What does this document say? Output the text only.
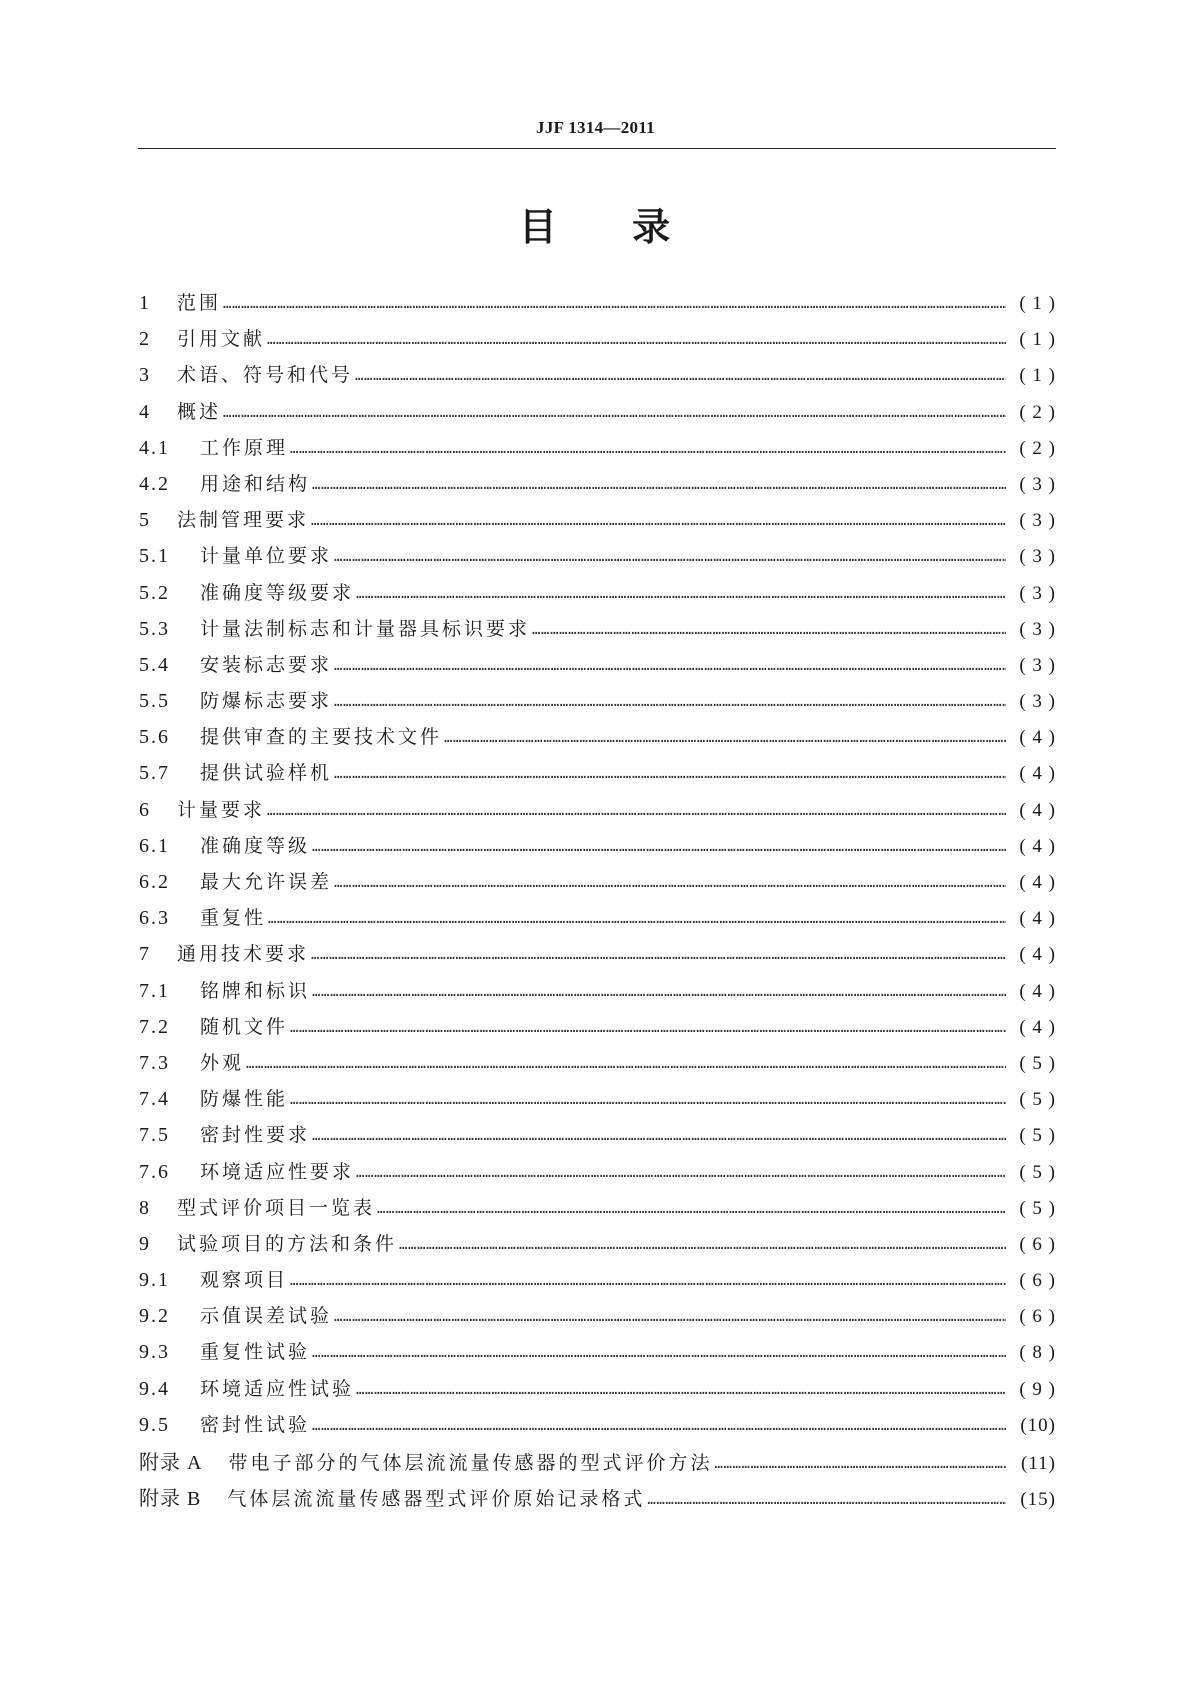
JJF 1314—2011
目 录
1	范围 ……………………………………………………………………………………………………………………………………………………………………………………………………………………………………………………	( 1 )
2	引用文献 ……………………………………………………………………………………………………………………………………………………………………………………………………………………………………………………	( 1 )
3	术语、符号和代号 ……………………………………………………………………………………………………………………………………………………………………………………………………………………………………………………	( 1 )
4	概述 ……………………………………………………………………………………………………………………………………………………………………………………………………………………………………………………	( 2 )
4.1	工作原理 ……………………………………………………………………………………………………………………………………………………………………………………………………………………………………………………	( 2 )
4.2	用途和结构 ……………………………………………………………………………………………………………………………………………………………………………………………………………………………………………………	( 3 )
5	法制管理要求 ……………………………………………………………………………………………………………………………………………………………………………………………………………………………………………………	( 3 )
5.1	计量单位要求 ……………………………………………………………………………………………………………………………………………………………………………………………………………………………………………………	( 3 )
5.2	准确度等级要求 ……………………………………………………………………………………………………………………………………………………………………………………………………………………………………………………	( 3 )
5.3	计量法制标志和计量器具标识要求 ……………………………………………………………………………………………………………………………………………………………………………………………………………………………………………………	( 3 )
5.4	安装标志要求 ……………………………………………………………………………………………………………………………………………………………………………………………………………………………………………………	( 3 )
5.5	防爆标志要求 ……………………………………………………………………………………………………………………………………………………………………………………………………………………………………………………	( 3 )
5.6	提供审查的主要技术文件 ……………………………………………………………………………………………………………………………………………………………………………………………………………………………………………………	( 4 )
5.7	提供试验样机 ……………………………………………………………………………………………………………………………………………………………………………………………………………………………………………………	( 4 )
6	计量要求 ……………………………………………………………………………………………………………………………………………………………………………………………………………………………………………………	( 4 )
6.1	准确度等级 ……………………………………………………………………………………………………………………………………………………………………………………………………………………………………………………	( 4 )
6.2	最大允许误差 ……………………………………………………………………………………………………………………………………………………………………………………………………………………………………………………	( 4 )
6.3	重复性 ……………………………………………………………………………………………………………………………………………………………………………………………………………………………………………………	( 4 )
7	通用技术要求 ……………………………………………………………………………………………………………………………………………………………………………………………………………………………………………………	( 4 )
7.1	铭牌和标识 ……………………………………………………………………………………………………………………………………………………………………………………………………………………………………………………	( 4 )
7.2	随机文件 ……………………………………………………………………………………………………………………………………………………………………………………………………………………………………………………	( 4 )
7.3	外观 ……………………………………………………………………………………………………………………………………………………………………………………………………………………………………………………	( 5 )
7.4	防爆性能 ……………………………………………………………………………………………………………………………………………………………………………………………………………………………………………………	( 5 )
7.5	密封性要求 ……………………………………………………………………………………………………………………………………………………………………………………………………………………………………………………	( 5 )
7.6	环境适应性要求 ……………………………………………………………………………………………………………………………………………………………………………………………………………………………………………………	( 5 )
8	型式评价项目一览表 ……………………………………………………………………………………………………………………………………………………………………………………………………………………………………………………	( 5 )
9	试验项目的方法和条件 ……………………………………………………………………………………………………………………………………………………………………………………………………………………………………………………	( 6 )
9.1	观察项目 ……………………………………………………………………………………………………………………………………………………………………………………………………………………………………………………	( 6 )
9.2	示值误差试验 ……………………………………………………………………………………………………………………………………………………………………………………………………………………………………………………	( 6 )
9.3	重复性试验 ……………………………………………………………………………………………………………………………………………………………………………………………………………………………………………………	( 8 )
9.4	环境适应性试验 ……………………………………………………………………………………………………………………………………………………………………………………………………………………………………………………	( 9 )
9.5	密封性试验 ……………………………………………………………………………………………………………………………………………………………………………………………………………………………………………………	(10)
附录 A 带电子部分的气体层流流量传感器的型式评价方法 ……………………………………………………………………………………………………………………………………………………………………………………………………………………………………………………	(11)
附录 B 气体层流流量传感器型式评价原始记录格式 ……………………………………………………………………………………………………………………………………………………………………………………………………………………………………………………	(15)
